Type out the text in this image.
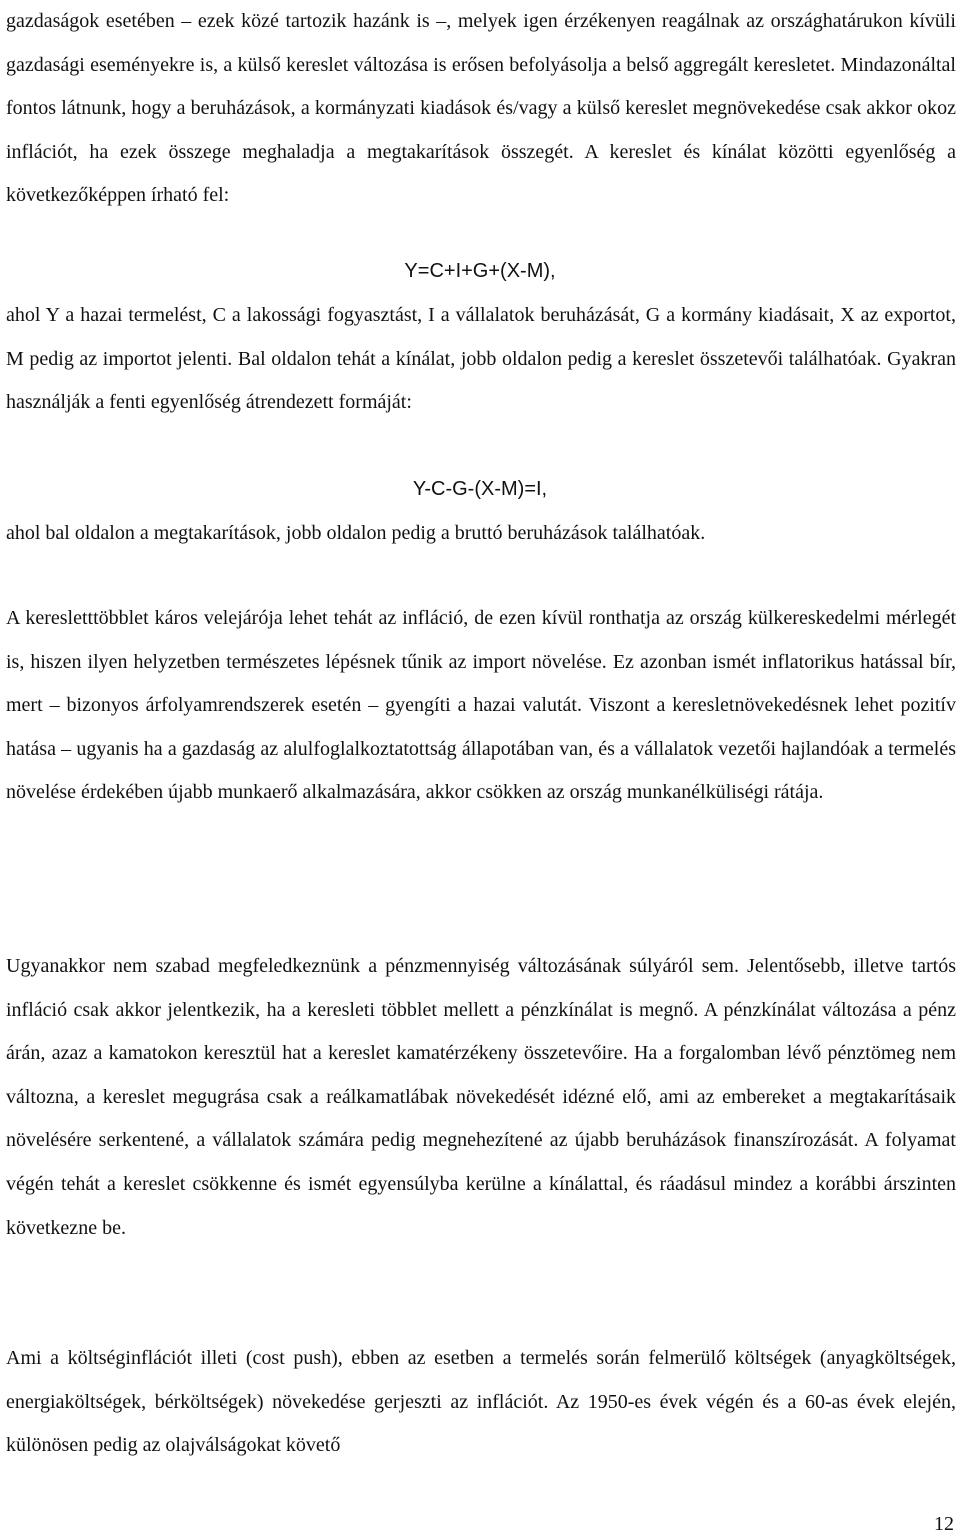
gazdaságok esetében – ezek közé tartozik hazánk is –, melyek igen érzékenyen reagálnak az országhatárukon kívüli gazdasági eseményekre is, a külső kereslet változása is erősen befolyásolja a belső aggregált keresletet. Mindazonáltal fontos látnunk, hogy a beruházások, a kormányzati kiadások és/vagy a külső kereslet megnövekedése csak akkor okoz inflációt, ha ezek összege meghaladja a megtakarítások összegét. A kereslet és kínálat közötti egyenlőség a következőképpen írható fel:

Y=C+I+G+(X-M),

ahol Y a hazai termelést, C a lakossági fogyasztást, I a vállalatok beruházását, G a kormány kiadásait, X az exportot, M pedig az importot jelenti. Bal oldalon tehát a kínálat, jobb oldalon pedig a kereslet összetevői találhatóak. Gyakran használják a fenti egyenlőség átrendezett formáját:

Y-C-G-(X-M)=I,

ahol bal oldalon a megtakarítások, jobb oldalon pedig a bruttó beruházások találhatóak.

A keresletttöbblet káros velejárója lehet tehát az infláció, de ezen kívül ronthatja az ország külkereskedelmi mérlegét is, hiszen ilyen helyzetben természetes lépésnek tűnik az import növelése. Ez azonban ismét inflatorikus hatással bír, mert – bizonyos árfolyamrendszerek esetén – gyengíti a hazai valutát. Viszont a keresletnövekedésnek lehet pozitív hatása – ugyanis ha a gazdaság az alulfoglalkoztatottság állapotában van, és a vállalatok vezetői hajlandóak a termelés növelése érdekében újabb munkaerő alkalmazására, akkor csökken az ország munkanélküliségi rátája.

Ugyanakkor nem szabad megfeledkeznünk a pénzmennyiség változásának súlyáról sem. Jelentősebb, illetve tartós infláció csak akkor jelentkezik, ha a keresleti többlet mellett a pénzkínálat is megnő. A pénzkínálat változása a pénz árán, azaz a kamatokon keresztül hat a kereslet kamatérzékeny összetevőire. Ha a forgalomban lévő pénztömeg nem változna, a kereslet megugrása csak a reálkamatlábak növekedését idézné elő, ami az embereket a megtakarításaik növelésére serkentené, a vállalatok számára pedig megnehezítené az újabb beruházások finanszírozását. A folyamat végén tehát a kereslet csökkenne és ismét egyensúlyba kerülne a kínálattal, és ráadásul mindez a korábbi árszinten következne be.

Ami a költséginflációt illeti (cost push), ebben az esetben a termelés során felmerülő költségek (anyagköltségek, energiaköltségek, bérköltségek) növekedése gerjeszti az inflációt. Az 1950-es évek végén és a 60-as évek elején, különösen pedig az olajválságokat követő

12
